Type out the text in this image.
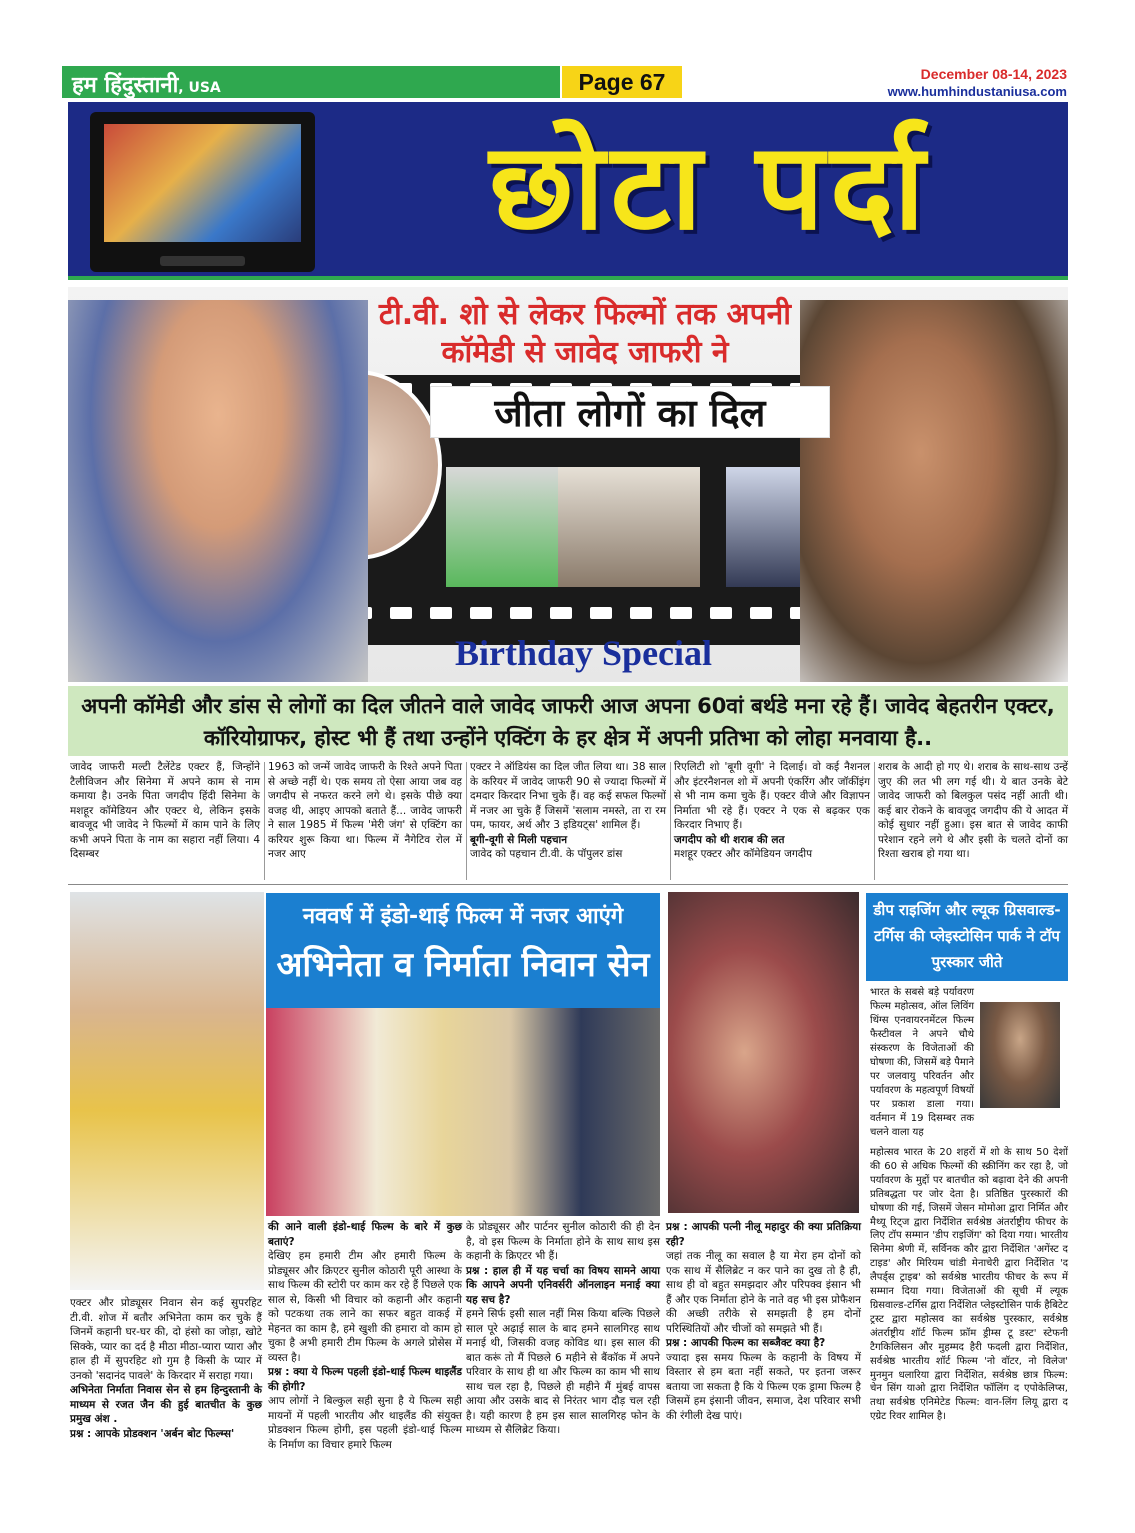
हम हिंदुस्तानी, USA	Page 67	December 08-14, 2023
www.humhindustaniusa.com
छोटा पर्दा
टी.वी. शो से लेकर फिल्मों तक अपनी
कॉमेडी से जावेद जाफरी ने
जीता लोगों का दिल
Birthday Special
अपनी कॉमेडी और डांस से लोगों का दिल जीतने वाले जावेद जाफरी आज अपना 60वां बर्थडे मना रहे हैं। जावेद बेहतरीन एक्टर, कॉरियोग्राफर, होस्ट भी हैं तथा उन्होंने एक्टिंग के हर क्षेत्र में अपनी प्रतिभा को लोहा मनवाया है..
जावेद जाफरी मल्टी टैलेंटेड एक्टर हैं, जिन्होंने टैलीविजन और सिनेमा में अपने काम से नाम कमाया है। उनके पिता जगदीप हिंदी सिनेमा के मशहूर कॉमेडियन और एक्टर थे, लेकिन इसके बावजूद भी जावेद ने फिल्मों में काम पाने के लिए कभी अपने पिता के नाम का सहारा नहीं लिया। 4 दिसम्बर
1963 को जन्में जावेद जाफरी के रिश्ते अपने पिता से अच्छे नहीं थे। एक समय तो ऐसा आया जब वह जगदीप से नफरत करने लगे थे। इसके पीछे क्या वजह थी, आइए आपको बताते हैं... जावेद जाफरी ने साल 1985 में फिल्म 'मेरी जंग' से एक्टिंग का करियर शुरू किया था। फिल्म में नैगेटिव रोल में नजर आए
एक्टर ने ऑडियंस का दिल जीत लिया था। 38 साल के करियर में जावेद जाफरी 90 से ज्यादा फिल्मों में दमदार किरदार निभा चुके हैं। वह कई सफल फिल्मों में नजर आ चुके हैं जिसमें 'सलाम नमस्ते, ता रा रम पम, फायर, अर्थ और 3 इडियट्स' शामिल हैं।
बूगी-वूगी से मिली पहचान
जावेद को पहचान टी.वी. के पॉपुलर डांस
रिएलिटी शो 'बूगी वूगी' ने दिलाई। वो कई नैशनल और इंटरनैशनल शो में अपनी एंकरिंग और जॉकींइंग से भी नाम कमा चुके हैं। एक्टर वीजे और विज्ञापन निर्माता भी रहे हैं। एक्टर ने एक से बढ़कर एक किरदार निभाए हैं।
जगदीप को थी शराब की लत
मशहूर एक्टर और कॉमेडियन जगदीप
शराब के आदी हो गए थे। शराब के साथ-साथ उन्हें जुए की लत भी लग गई थी। ये बात उनके बेटे जावेद जाफरी को बिलकुल पसंद नहीं आती थी। कई बार रोकने के बावजूद जगदीप की ये आदत में कोई सुधार नहीं हुआ। इस बात से जावेद काफी परेशान रहने लगे थे और इसी के चलते दोनों का रिश्ता खराब हो गया था।
नववर्ष में इंडो-थाई फिल्म में नजर आएंगे
अभिनेता व निर्माता निवान सेन
एक्टर और प्रोड्यूसर निवान सेन कई सुपरहिट टी.वी. शोज में बतौर अभिनेता काम कर चुके हैं जिनमें कहानी घर-घर की, दो हंसो का जोड़ा, खोटे सिक्के, प्यार का दर्द है मीठा मीठा-प्यारा प्यारा और हाल ही में सुपरहिट शो गुम है किसी के प्यार में उनको 'सदानंद पावले' के किरदार में सराहा गया।
अभिनेता निर्माता निवास सेन से हम हिन्दुस्तानी के माध्यम से रजत जैन की हुई बातचीत के कुछ प्रमुख अंश .
प्रश्न : आपके प्रोडक्शन 'अर्बन बोट फिल्म्स'
की आने वाली इंडो-थाई फिल्म के बारे में कुछ बताएं?
देखिए हम हमारी टीम और हमारी फिल्म के प्रोड्यूसर और क्रिएटर सुनील कोठारी पूरी आस्था के साथ फिल्म की स्टोरी पर काम कर रहे हैं पिछले एक साल से, किसी भी विचार को कहानी और कहानी को पटकथा तक लाने का सफर बहुत वाकई में मेहनत का काम है, हमे खुशी की हमारा वो काम हो चुका है अभी हमारी टीम फिल्म के अगले प्रोसेस में व्यस्त है।
प्रश्न : क्या ये फिल्म पहली इंडो-थाई फिल्म थाइलैंड की होगी?
आप लोगों ने बिल्कुल सही सुना है ये फिल्म सही मायनों में पहली भारतीय और थाइलैंड की संयुक्त प्रोडक्शन फिल्म होगी, इस पहली इंडो-थाई फिल्म के निर्माण का विचार हमारे फिल्म
के प्रोड्यूसर और पार्टनर सुनील कोठारी की ही देन है, वो इस फिल्म के निर्माता होने के साथ साथ इस कहानी के क्रिएटर भी हैं।
प्रश्न : हाल ही में यह चर्चा का विषय सामने आया कि आपने अपनी एनिवर्सरी ऑनलाइन मनाई क्या यह सच है?
हमने सिर्फ इसी साल नहीं मिस किया बल्कि पिछले साल पूरे अढ़ाई साल के बाद हमने सालगिरह साथ मनाई थी, जिसकी वजह कोविड था। इस साल की बात करूं तो मैं पिछले 6 महीने से बैंकॉक में अपने परिवार के साथ ही था और फिल्म का काम भी साथ साथ चल रहा है, पिछले ही महीने मैं मुंबई वापस आया और उसके बाद से निरंतर भाग दौड़ चल रही है। यही कारण है हम इस साल सालगिरह फोन के माध्यम से सैलिब्रेट किया।
प्रश्न : आपकी पत्नी नीलू महादुर की क्या प्रतिक्रिया रही?
जहां तक नीलू का सवाल है या मेरा हम दोनों को एक साथ में सैलिब्रेट न कर पाने का दुख तो है ही, साथ ही वो बहुत समझदार और परिपक्व इंसान भी हैं और एक निर्माता होने के नाते वह भी इस प्रोफैशन की अच्छी तरीके से समझती है हम दोनों परिस्थितियों और चीजों को समझते भी हैं।
प्रश्न : आपकी फिल्म का सब्जैक्ट क्या है?
ज्यादा इस समय फिल्म के कहानी के विषय में विस्तार से हम बता नहीं सकते, पर इतना जरूर बताया जा सकता है कि ये फिल्म एक ड्रामा फिल्म है जिसमें हम इंसानी जीवन, समाज, देश परिवार सभी की रंगीली देख पाएं।
डीप राइजिंग और ल्यूक ग्रिसवाल्ड-टर्गिस की प्लेइस्टोसिन पार्क ने टॉप पुरस्कार जीते
भारत के सबसे बड़े पर्यावरण फिल्म महोत्सव, ऑल लिविंग थिंग्स एनवायरनमेंटल फिल्म फैस्टीवल ने अपने चौथे संस्करण के विजेताओं की घोषणा की, जिसमें बड़े पैमाने पर जलवायु परिवर्तन और पर्यावरण के महत्वपूर्ण विषयों पर प्रकाश डाला गया। वर्तमान में 19 दिसम्बर तक चलने वाला यह
महोत्सव भारत के 20 शहरों में शो के साथ 50 देशों की 60 से अधिक फिल्मों की स्क्रीनिंग कर रहा है, जो पर्यावरण के मुद्दों पर बातचीत को बढ़ावा देने की अपनी प्रतिबद्धता पर जोर देता है। प्रतिष्ठित पुरस्कारों की घोषणा की गई, जिसमें जेसन मोमोआ द्वारा निर्मित और मैथ्यू रिट्ज द्वारा निर्देशित सर्वश्रेष्ठ अंतर्राष्ट्रीय फीचर के लिए टॉप सम्मान 'डीप राइजिंग' को दिया गया। भारतीय सिनेमा श्रेणी में, सर्विनक कौर द्वारा निर्देशित 'अगेंस्ट द टाइड' और मिरियम चांडी मेनाचेरी द्वारा निर्देशित 'द लैपर्ड्स ट्राइब' को सर्वश्रेष्ठ भारतीय फीचर के रूप में सम्मान दिया गया। विजेताओं की सूची में ल्यूक ग्रिसवाल्ड-टर्गिस द्वारा निर्देशित प्लेइस्टोसिन पार्क हैबिटेट ट्रस्ट द्वारा महोत्सव का सर्वश्रेष्ठ पुरस्कार, सर्वश्रेष्ठ अंतर्राष्ट्रीय शॉर्ट फिल्म फ्रॉम ड्रीम्स टू डस्ट' स्टेफनी टैगकिलिसन और मुहम्मद हैरी फदली द्वारा निर्देशित, सर्वश्रेष्ठ भारतीय शॉर्ट फिल्म 'नो वॉटर, नो विलेज' मुनमुन धलारिया द्वारा निर्देशित, सर्वश्रेष्ठ छात्र फिल्म: चेन सिंग याओ द्वारा निर्देशित फॉलिंग द एपोकेलिप्स, तथा सर्वश्रेष्ठ एनिमेटेड फिल्म: वान-लिंग लियू द्वारा द एग्रेट रिवर शामिल है।
